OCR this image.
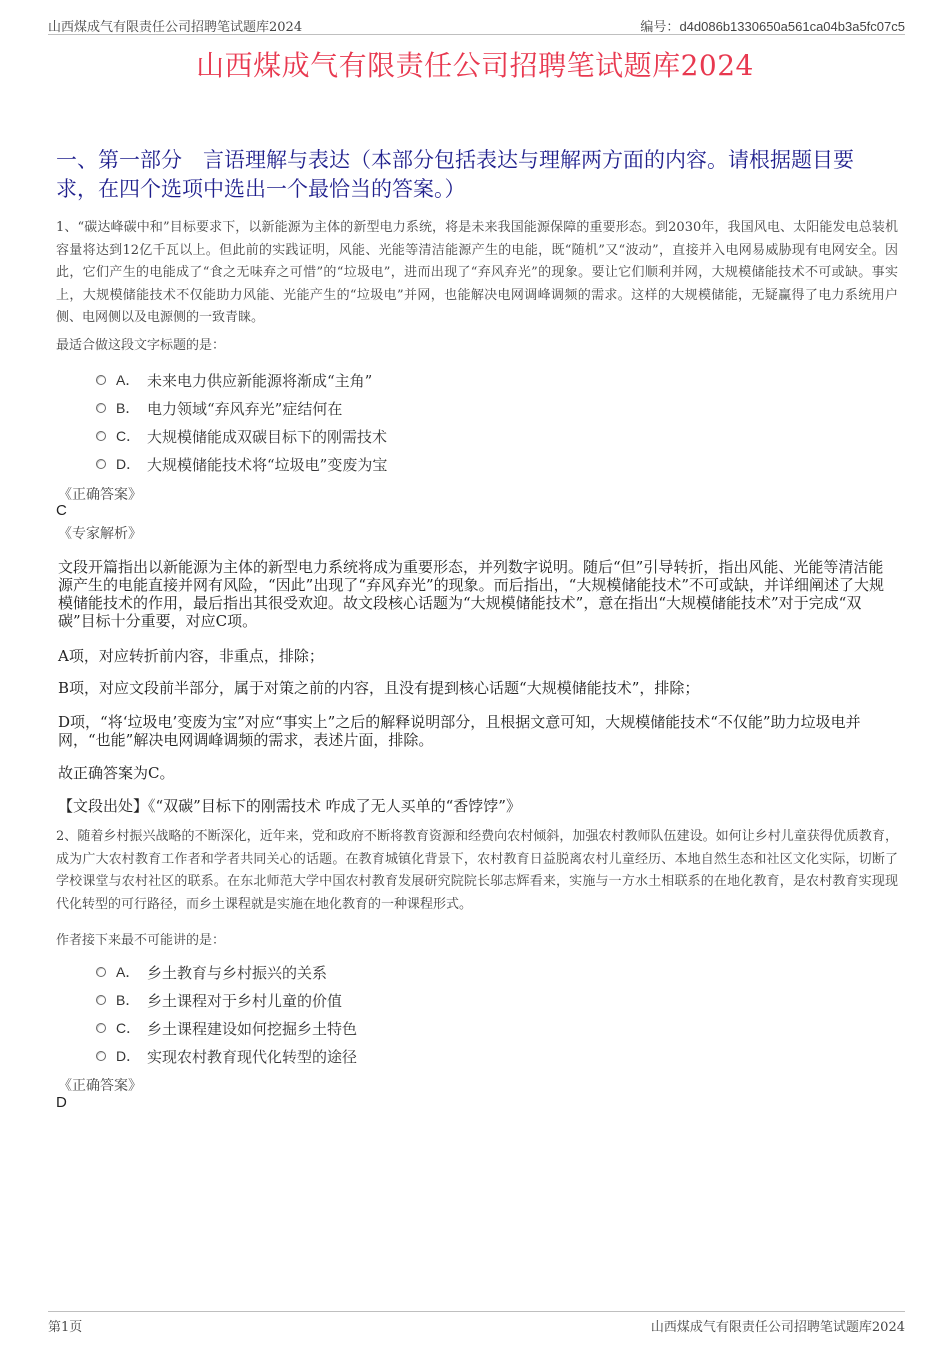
山西煤成气有限责任公司招聘笔试题库2024	编号：d4d086b1330650a561ca04b3a5fc07c5
山西煤成气有限责任公司招聘笔试题库2024
一、第一部分　言语理解与表达（本部分包括表达与理解两方面的内容。请根据题目要求，在四个选项中选出一个最恰当的答案。）
1、“碳达峰碳中和”目标要求下，以新能源为主体的新型电力系统，将是未来我国能源保障的重要形态。到2030年，我国风电、太阳能发电总装机容量将达到12亿千瓦以上。但此前的实践证明，风能、光能等清洁能源产生的电能，既“随机”又“波动”，直接并入电网易威胁现有电网安全。因此，它们产生的电能成了“食之无味弃之可惜”的“垃圾电”，进而出现了“弃风弃光”的现象。要让它们顺利并网，大规模储能技术不可或缺。事实上，大规模储能技术不仅能助力风能、光能产生的“垃圾电”并网，也能解决电网调峰调频的需求。这样的大规模储能，无疑赢得了电力系统用户侧、电网侧以及电源侧的一致青睐。
最适合做这段文字标题的是：
A． 未来电力供应新能源将渐成“主角”
B． 电力领域“弃风弃光”症结何在
C． 大规模储能成双碳目标下的刚需技术
D． 大规模储能技术将“垃圾电”变废为宝
《正确答案》
C
《专家解析》
文段开篇指出以新能源为主体的新型电力系统将成为重要形态，并列数字说明。随后“但”引导转折，指出风能、光能等清洁能源产生的电能直接并网有风险，“因此”出现了“弃风弃光”的现象。而后指出，“大规模储能技术”不可或缺，并详细阐述了大规模储能技术的作用，最后指出其很受欢迎。故文段核心话题为“大规模储能技术”，意在指出“大规模储能技术”对于完成“双碳”目标十分重要，对应C项。
A项，对应转折前内容，非重点，排除；
B项，对应文段前半部分，属于对策之前的内容，且没有提到核心话题“大规模储能技术”，排除；
D项，“将‘垃圾电’变废为宝”对应“事实上”之后的解释说明部分，且根据文意可知，大规模储能技术“不仅能”助力垃圾电并网，“也能”解决电网调峰调频的需求，表述片面，排除。
故正确答案为C。
【文段出处】《“双碳”目标下的刚需技术 咋成了无人买单的“香饽饽”》
2、随着乡村振兴战略的不断深化，近年来，党和政府不断将教育资源和经费向农村倾斜，加强农村教师队伍建设。如何让乡村儿童获得优质教育，成为广大农村教育工作者和学者共同关心的话题。在教育城镇化背景下，农村教育日益脱离农村儿童经历、本地自然生态和社区文化实际，切断了学校课堂与农村社区的联系。在东北师范大学中国农村教育发展研究院院长邬志辉看来，实施与一方水土相联系的在地化教育，是农村教育实现现代化转型的可行路径，而乡土课程就是实施在地化教育的一种课程形式。
作者接下来最不可能讲的是：
A． 乡土教育与乡村振兴的关系
B． 乡土课程对于乡村儿童的价值
C． 乡土课程建设如何挖掘乡土特色
D． 实现农村教育现代化转型的途径
《正确答案》
D
第1页	山西煤成气有限责任公司招聘笔试题库2024
